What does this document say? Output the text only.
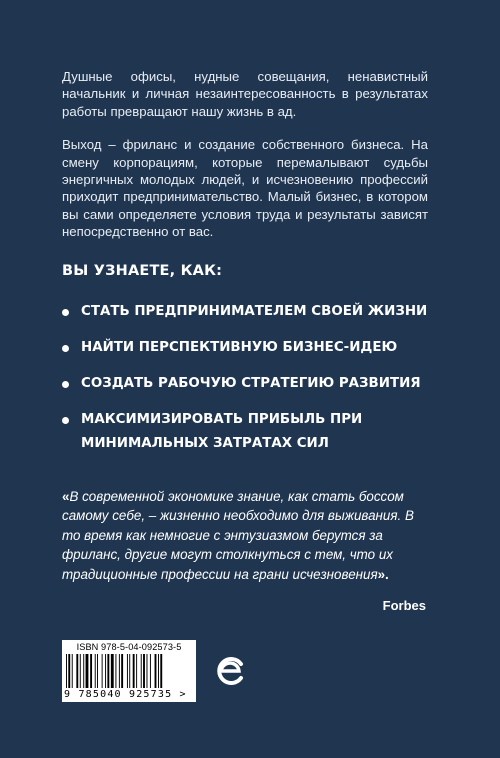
Душные офисы, нудные совещания, ненавистный начальник и личная незаинтересованность в результатах работы превращают нашу жизнь в ад.

Выход – фриланс и создание собственного бизнеса. На смену корпорациям, которые перемалывают судьбы энергичных молодых людей, и исчезновению профессий приходит предпринимательство. Малый бизнес, в котором вы сами определяете условия труда и результаты зависят непосредственно от вас.

ВЫ УЗНАЕТЕ, КАК:
СТАТЬ ПРЕДПРИНИМАТЕЛЕМ СВОЕЙ ЖИЗНИ
НАЙТИ ПЕРСПЕКТИВНУЮ БИЗНЕС-ИДЕЮ
СОЗДАТЬ РАБОЧУЮ СТРАТЕГИЮ РАЗВИТИЯ
МАКСИМИЗИРОВАТЬ ПРИБЫЛЬ ПРИ МИНИМАЛЬНЫХ ЗАТРАТАХ СИЛ

«В современной экономике знание, как стать боссом самому себе, – жизненно необходимо для выживания. В то время как немногие с энтузиазмом берутся за фриланс, другие могут столкнуться с тем, что их традиционные профессии на грани исчезновения».

Forbes
ISBN 978-5-04-092573-5
9 785040 925735 >
